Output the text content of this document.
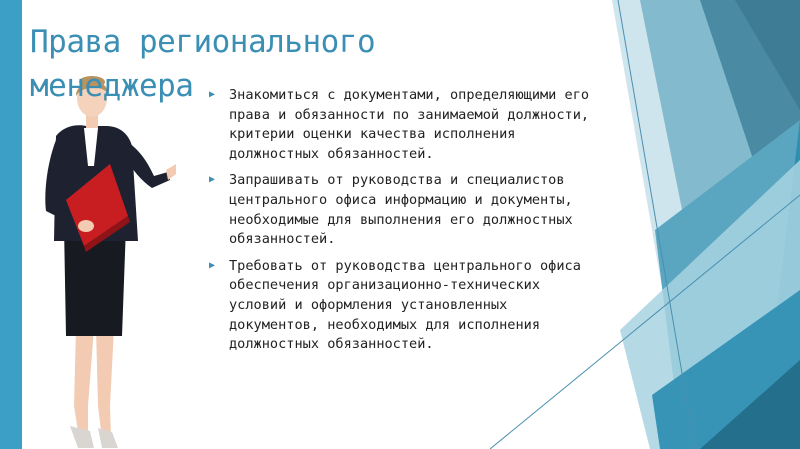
Права регионального менеджера	▶ Знакомиться с документами, определяющими его права и обязанности по занимаемой должности, критерии оценки качества исполнения должностных обязанностей.
▶ Запрашивать от руководства и специалистов центрального офиса информацию и документы, необходимые для выполнения его должностных обязанностей.
▶ Требовать от руководства центрального офиса обеспечения организационно-технических условий и оформления установленных документов, необходимых для исполнения должностных обязанностей.
